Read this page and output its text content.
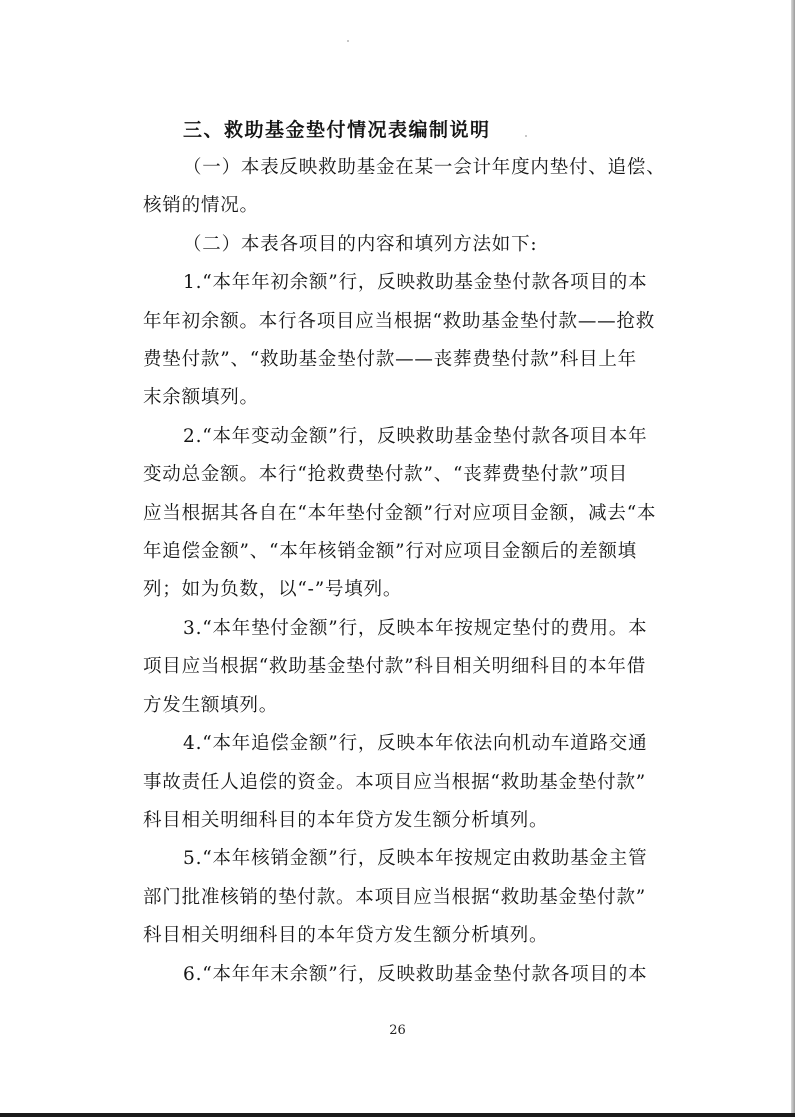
三、救助基金垫付情况表编制说明

（一）本表反映救助基金在某一会计年度内垫付、追偿、
核销的情况。

（二）本表各项目的内容和填列方法如下:

1.“本年年初余额”行，反映救助基金垫付款各项目的本
年年初余额。本行各项目应当根据“救助基金垫付款——抢救
费垫付款”、“救助基金垫付款——丧葬费垫付款”科目上年
末余额填列。

2.“本年变动金额”行，反映救助基金垫付款各项目本年
变动总金额。本行“抢救费垫付款”、“丧葬费垫付款”项目
应当根据其各自在“本年垫付金额”行对应项目金额，减去“本
年追偿金额”、“本年核销金额”行对应项目金额后的差额填
列；如为负数，以“-”号填列。

3.“本年垫付金额”行，反映本年按规定垫付的费用。本
项目应当根据“救助基金垫付款”科目相关明细科目的本年借
方发生额填列。

4.“本年追偿金额”行，反映本年依法向机动车道路交通
事故责任人追偿的资金。本项目应当根据“救助基金垫付款”
科目相关明细科目的本年贷方发生额分析填列。

5.“本年核销金额”行，反映本年按规定由救助基金主管
部门批准核销的垫付款。本项目应当根据“救助基金垫付款”
科目相关明细科目的本年贷方发生额分析填列。

6.“本年年末余额”行，反映救助基金垫付款各项目的本

26
